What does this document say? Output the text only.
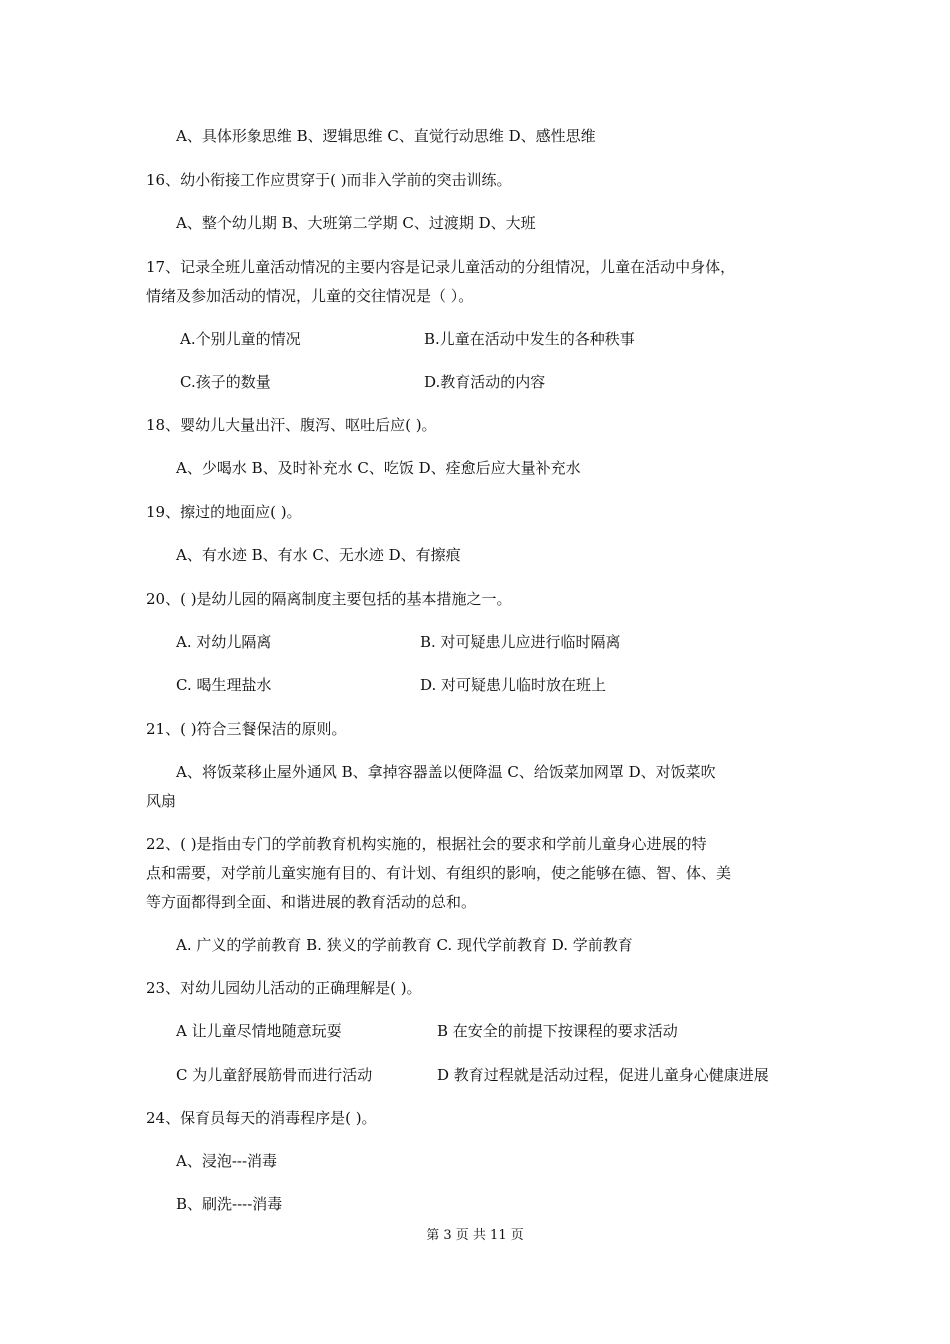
A、具体形象思维 B、逻辑思维 C、直觉行动思维 D、感性思维
16、幼小衔接工作应贯穿于( )而非入学前的突击训练。
A、整个幼儿期 B、大班第二学期 C、过渡期 D、大班
17、记录全班儿童活动情况的主要内容是记录儿童活动的分组情况，儿童在活动中身体，
情绪及参加活动的情况，儿童的交往情况是（ ）。
A.个别儿童的情况	B.儿童在活动中发生的各种秩事
C.孩子的数量	D.教育活动的内容
18、婴幼儿大量出汗、腹泻、呕吐后应( )。
A、少喝水 B、及时补充水 C、吃饭 D、痊愈后应大量补充水
19、擦过的地面应( )。
A、有水迹 B、有水 C、无水迹 D、有擦痕
20、( )是幼儿园的隔离制度主要包括的基本措施之一。
A. 对幼儿隔离	B. 对可疑患儿应进行临时隔离
C. 喝生理盐水	D. 对可疑患儿临时放在班上
21、( )符合三餐保洁的原则。
A、将饭菜移止屋外通风 B、拿掉容器盖以便降温 C、给饭菜加网罩 D、对饭菜吹
风扇
22、( )是指由专门的学前教育机构实施的，根据社会的要求和学前儿童身心进展的特
点和需要，对学前儿童实施有目的、有计划、有组织的影响，使之能够在德、智、体、美
等方面都得到全面、和谐进展的教育活动的总和。
A. 广义的学前教育 B. 狭义的学前教育 C. 现代学前教育 D. 学前教育
23、对幼儿园幼儿活动的正确理解是( )。
A 让儿童尽情地随意玩耍	B 在安全的前提下按课程的要求活动
C 为儿童舒展筋骨而进行活动	D 教育过程就是活动过程，促进儿童身心健康进展
24、保育员每天的消毒程序是( )。
A、浸泡---消毒
B、刷洗----消毒
第 3 页 共 11 页
